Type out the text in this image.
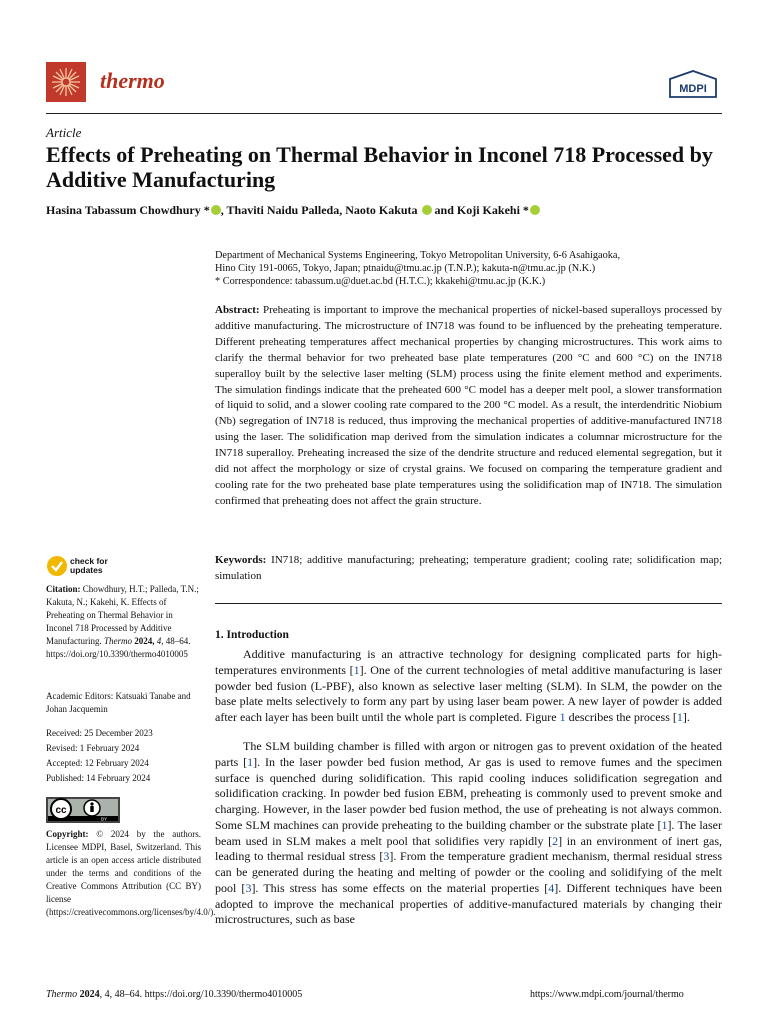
thermo	MDPI
Article
Effects of Preheating on Thermal Behavior in Inconel 718 Processed by Additive Manufacturing
Hasina Tabassum Chowdhury * , Thaviti Naidu Palleda, Naoto Kakuta  and Koji Kakehi *
Department of Mechanical Systems Engineering, Tokyo Metropolitan University, 6-6 Asahigaoka,
Hino City 191-0065, Tokyo, Japan; ptnaidu@tmu.ac.jp (T.N.P.); kakuta-n@tmu.ac.jp (N.K.)
* Correspondence: tabassum.u@duet.ac.bd (H.T.C.); kkakehi@tmu.ac.jp (K.K.)
Abstract: Preheating is important to improve the mechanical properties of nickel-based superalloys processed by additive manufacturing. The microstructure of IN718 was found to be influenced by the preheating temperature. Different preheating temperatures affect mechanical properties by changing microstructures. This work aims to clarify the thermal behavior for two preheated base plate temperatures (200 °C and 600 °C) on the IN718 superalloy built by the selective laser melting (SLM) process using the finite element method and experiments. The simulation findings indicate that the preheated 600 °C model has a deeper melt pool, a slower transformation of liquid to solid, and a slower cooling rate compared to the 200 °C model. As a result, the interdendritic Niobium (Nb) segregation of IN718 is reduced, thus improving the mechanical properties of additive-manufactured IN718 using the laser. The solidification map derived from the simulation indicates a columnar microstructure for the IN718 superalloy. Preheating increased the size of the dendrite structure and reduced elemental segregation, but it did not affect the morphology or size of crystal grains. We focused on comparing the temperature gradient and cooling rate for the two preheated base plate temperatures using the solidification map of IN718. The simulation confirmed that preheating does not affect the grain structure.
Keywords: IN718; additive manufacturing; preheating; temperature gradient; cooling rate; solidification map; simulation
1. Introduction
Additive manufacturing is an attractive technology for designing complicated parts for high-temperatures environments [1]. One of the current technologies of metal additive manufacturing is laser powder bed fusion (L-PBF), also known as selective laser melting (SLM). In SLM, the powder on the base plate melts selectively to form any part by using laser beam power. A new layer of powder is added after each layer has been built until the whole part is completed. Figure 1 describes the process [1].
The SLM building chamber is filled with argon or nitrogen gas to prevent oxidation of the heated parts [1]. In the laser powder bed fusion method, Ar gas is used to remove fumes and the specimen surface is quenched during solidification. This rapid cooling induces solidification segregation and solidification cracking. In powder bed fusion EBM, preheating is commonly used to prevent smoke and charging. However, in the laser powder bed fusion method, the use of preheating is not always common. Some SLM machines can provide preheating to the building chamber or the substrate plate [1]. The laser beam used in SLM makes a melt pool that solidifies very rapidly [2] in an environment of inert gas, leading to thermal residual stress [3]. From the temperature gradient mechanism, thermal residual stress can be generated during the heating and melting of powder or the cooling and solidifying of the melt pool [3]. This stress has some effects on the material properties [4]. Different techniques have been adopted to improve the mechanical properties of additive-manufactured materials by changing their microstructures, such as base
check for
updates
Citation: Chowdhury, H.T.; Palleda, T.N.; Kakuta, N.; Kakehi, K. Effects of Preheating on Thermal Behavior in Inconel 718 Processed by Additive Manufacturing. Thermo 2024, 4, 48–64. https://doi.org/10.3390/thermo4010005
Academic Editors: Katsuaki Tanabe and Johan Jacquemin
Received: 25 December 2023
Revised: 1 February 2024
Accepted: 12 February 2024
Published: 14 February 2024
cc
BY
Copyright: © 2024 by the authors. Licensee MDPI, Basel, Switzerland. This article is an open access article distributed under the terms and conditions of the Creative Commons Attribution (CC BY) license (https://creativecommons.org/licenses/by/4.0/).
Thermo 2024, 4, 48–64. https://doi.org/10.3390/thermo4010005	https://www.mdpi.com/journal/thermo
